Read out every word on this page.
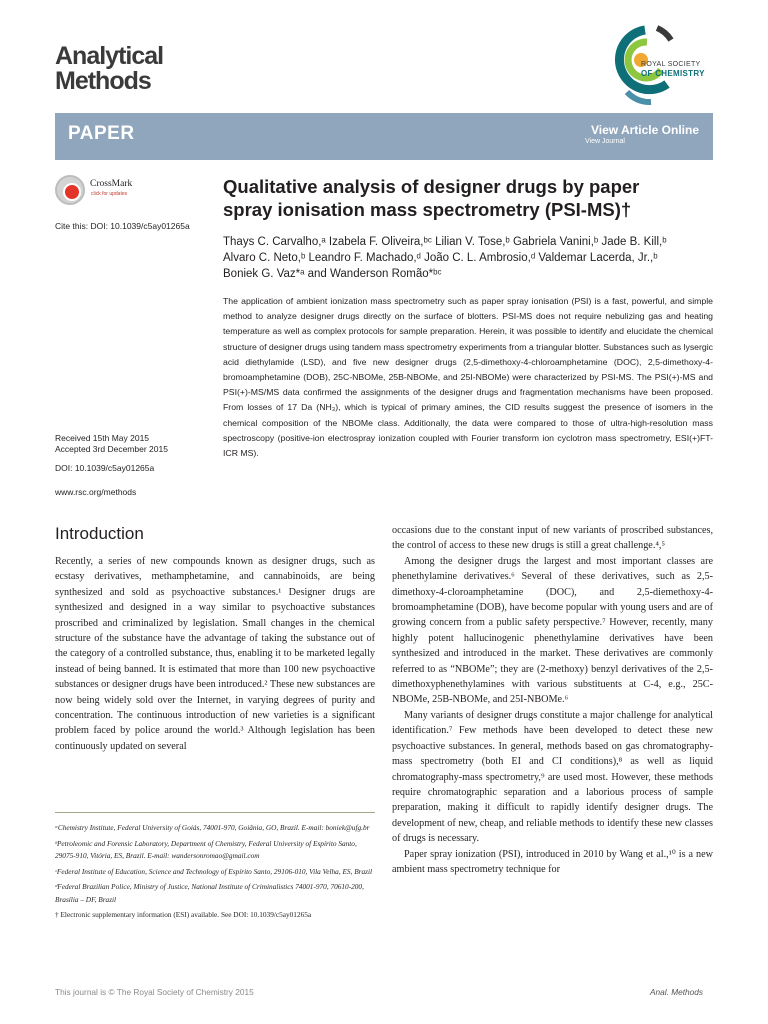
Analytical
Methods
ROYAL SOCIETY
OF CHEMISTRY
PAPER	View Article Online
View Journal
CrossMark
click for updates
Cite this: DOI: 10.1039/c5ay01265a
Qualitative analysis of designer drugs by paper
spray ionisation mass spectrometry (PSI-MS)†
Thays C. Carvalho,ᵃ Izabela F. Oliveira,ᵇᶜ Lilian V. Tose,ᵇ Gabriela Vanini,ᵇ Jade B. Kill,ᵇ
Alvaro C. Neto,ᵇ Leandro F. Machado,ᵈ João C. L. Ambrosio,ᵈ Valdemar Lacerda, Jr.,ᵇ
Boniek G. Vaz*ᵃ and Wanderson Romão*ᵇᶜ
The application of ambient ionization mass spectrometry such as paper spray ionisation (PSI) is a fast, powerful, and simple method to analyze designer drugs directly on the surface of blotters. PSI-MS does not require nebulizing gas and heating temperature as well as complex protocols for sample preparation. Herein, it was possible to identify and elucidate the chemical structure of designer drugs using tandem mass spectrometry experiments from a triangular blotter. Substances such as lysergic acid diethylamide (LSD), and five new designer drugs (2,5-dimethoxy-4-chloroamphetamine (DOC), 2,5-dimethoxy-4-bromoamphetamine (DOB), 25C-NBOMe, 25B-NBOMe, and 25I-NBOMe) were characterized by PSI-MS. The PSI(+)-MS and PSI(+)-MS/MS data confirmed the assignments of the designer drugs and fragmentation mechanisms have been proposed. From losses of 17 Da (NH₃), which is typical of primary amines, the CID results suggest the presence of isomers in the chemical composition of the NBOMe class. Additionally, the data were compared to those of ultra-high-resolution mass spectroscopy (positive-ion electrospray ionization coupled with Fourier transform ion cyclotron mass spectrometry, ESI(+)FT-ICR MS).
Received 15th May 2015
Accepted 3rd December 2015
DOI: 10.1039/c5ay01265a
www.rsc.org/methods
Introduction

Recently, a series of new compounds known as designer drugs, such as ecstasy derivatives, methamphetamine, and cannabinoids, are being synthesized and sold as psychoactive substances.¹ Designer drugs are synthesized and designed in a way similar to psychoactive substances proscribed and criminalized by legislation. Small changes in the chemical structure of the substance have the advantage of taking the substance out of the category of a controlled substance, thus, enabling it to be marketed legally instead of being banned. It is estimated that more than 100 new psychoactive substances or designer drugs have been introduced.² These new substances are now being widely sold over the Internet, in varying degrees of purity and concentration. The continuous introduction of new varieties is a significant problem faced by police around the world.³ Although legislation has been continuously updated on several

ᵃChemistry Institute, Federal University of Goiás, 74001-970, Goiânia, GO, Brazil. E-mail: boniek@ufg.br

ᵇPetroleomic and Forensic Laboratory, Department of Chemistry, Federal University of Espírito Santo, 29075-910, Vitória, ES, Brazil. E-mail: wandersonromao@gmail.com

ᶜFederal Institute of Education, Science and Technology of Espírito Santo, 29106-010, Vila Velha, ES, Brazil

ᵈFederal Brazilian Police, Ministry of Justice, National Institute of Criminalistics 74001-970, 70610-200, Brasília – DF, Brazil

† Electronic supplementary information (ESI) available. See DOI: 10.1039/c5ay01265a

occasions due to the constant input of new variants of proscribed substances, the control of access to these new drugs is still a great challenge.⁴,⁵

Among the designer drugs the largest and most important classes are phenethylamine derivatives.⁶ Several of these derivatives, such as 2,5-dimethoxy-4-cloroamphetamine (DOC), and 2,5-diemethoxy-4-bromoamphetamine (DOB), have become popular with young users and are of growing concern from a public safety perspective.⁷ However, recently, many highly potent hallucinogenic phenethylamine derivatives have been synthesized and introduced in the market. These derivatives are commonly referred to as “NBOMe”; they are (2-methoxy) benzyl derivatives of the 2,5-dimethoxyphenethylamines with various substituents at C-4, e.g., 25C-NBOMe, 25B-NBOMe, and 25I-NBOMe.⁶

Many variants of designer drugs constitute a major challenge for analytical identification.⁷ Few methods have been developed to detect these new psychoactive substances. In general, methods based on gas chromatography-mass spectrometry (both EI and CI conditions),⁸ as well as liquid chromatography-mass spectrometry,⁹ are used most. However, these methods require chromatographic separation and a laborious process of sample preparation, making it difficult to rapidly identify designer drugs. The development of new, cheap, and reliable methods to identify these new classes of drugs is necessary.

Paper spray ionization (PSI), introduced in 2010 by Wang et al.,¹⁰ is a new ambient mass spectrometry technique for

This journal is © The Royal Society of Chemistry 2015	Anal. Methods
